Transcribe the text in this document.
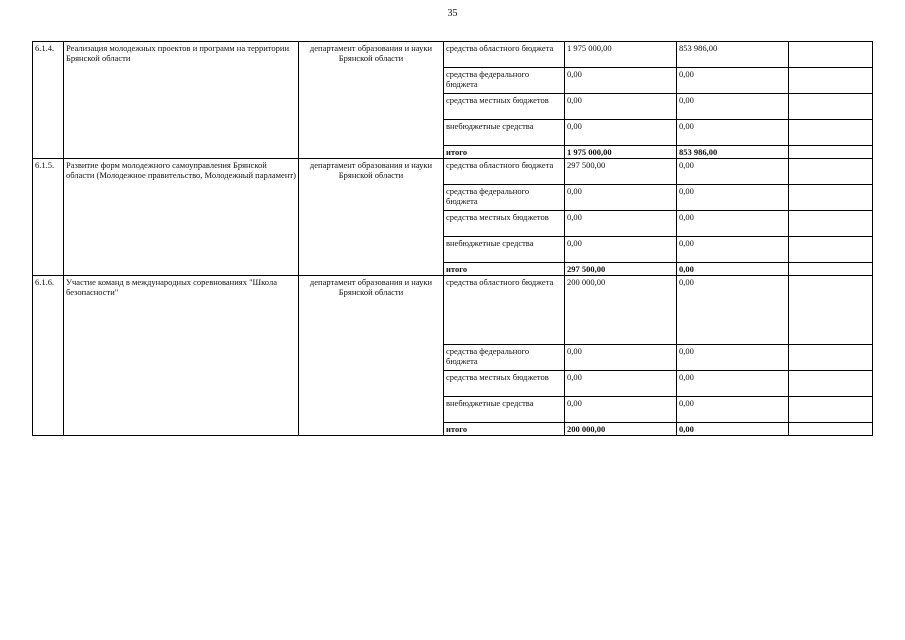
35
6.1.4.	Реализация молодежных проектов и программ на территории Брянской области	департамент образования и науки Брянской области	средства областного бюджета	1 975 000,00	853 986,00	
			средства федерального бюджета	0,00	0,00	
			средства местных бюджетов	0,00	0,00	
			внебюджетные средства	0,00	0,00	
			итого	1 975 000,00	853 986,00	
6.1.5.	Развитие форм молодежного самоуправления Брянской области (Молодежное правительство, Молодежный парламент)	департамент образования и науки Брянской области	средства областного бюджета	297 500,00	0,00	
			средства федерального бюджета	0,00	0,00	
			средства местных бюджетов	0,00	0,00	
			внебюджетные средства	0,00	0,00	
			итого	297 500,00	0,00	
6.1.6.	Участие команд в международных соревнованиях "Школа безопасности"	департамент образования и науки Брянской области	средства областного бюджета	200 000,00	0,00	
			средства федерального бюджета	0,00	0,00	
			средства местных бюджетов	0,00	0,00	
			внебюджетные средства	0,00	0,00	
			итого	200 000,00	0,00	
